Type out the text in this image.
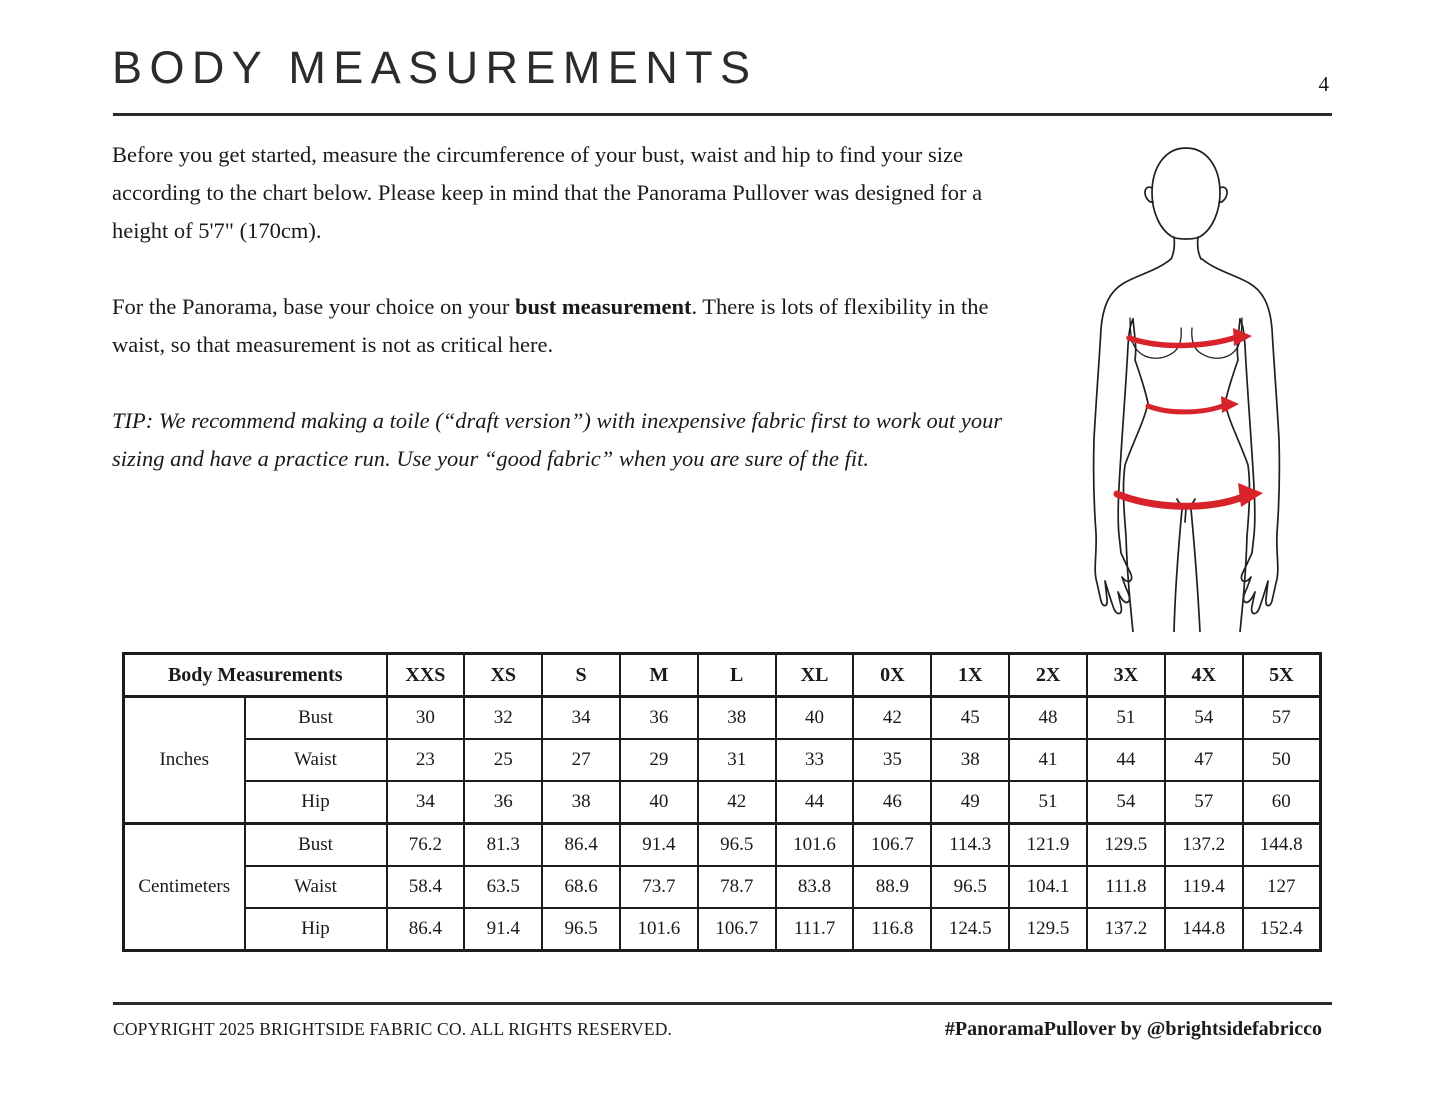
BODY MEASUREMENTS	4

Before you get started, measure the circumference of your bust, waist and hip to find your size according to the chart below. Please keep in mind that the Panorama Pullover was designed for a height of 5'7" (170cm).

For the Panorama, base your choice on your bust measurement. There is lots of flexibility in the waist, so that measurement is not as critical here.

TIP: We recommend making a toile (“draft version”) with inexpensive fabric first to work out your sizing and have a practice run. Use your “good fabric” when you are sure of the fit.

Body Measurements		XXS	XS	S	M	L	XL	0X	1X	2X	3X	4X	5X
Inches	Bust	30	32	34	36	38	40	42	45	48	51	54	57
	Waist	23	25	27	29	31	33	35	38	41	44	47	50
	Hip	34	36	38	40	42	44	46	49	51	54	57	60
Centimeters	Bust	76.2	81.3	86.4	91.4	96.5	101.6	106.7	114.3	121.9	129.5	137.2	144.8
	Waist	58.4	63.5	68.6	73.7	78.7	83.8	88.9	96.5	104.1	111.8	119.4	127
	Hip	86.4	91.4	96.5	101.6	106.7	111.7	116.8	124.5	129.5	137.2	144.8	152.4
COPYRIGHT 2025 BRIGHTSIDE FABRIC CO. ALL RIGHTS RESERVED.	#PanoramaPullover by @brightsidefabricco
